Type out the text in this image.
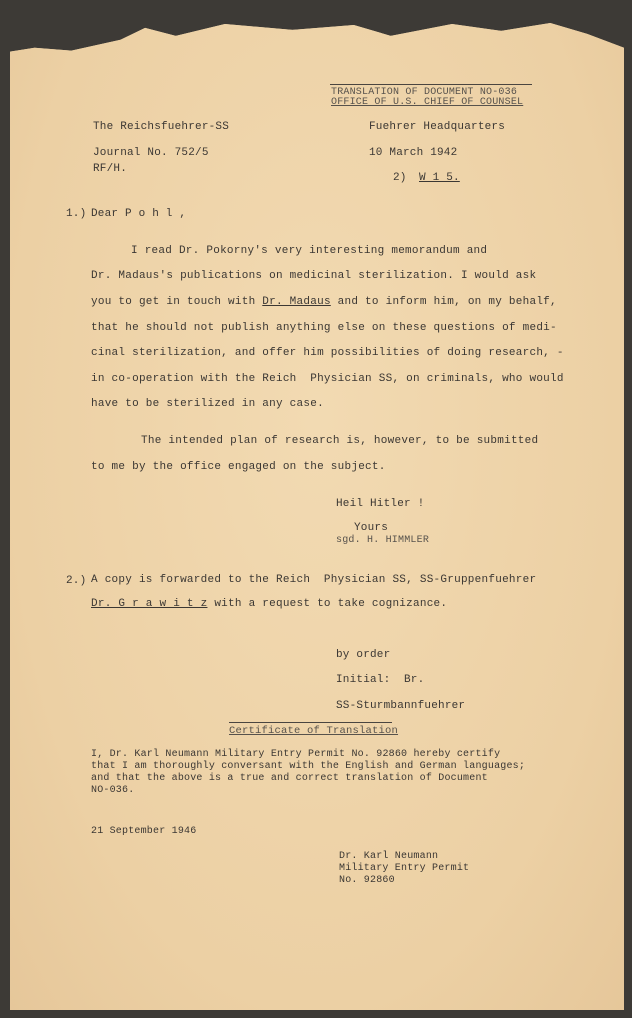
TRANSLATION OF DOCUMENT NO-036
OFFICE OF U.S. CHIEF OF COUNSEL
The Reichsfuehrer-SS
Journal No. 752/5
RF/H.
Fuehrer Headquarters
10 March 1942
2) W 1 5.
1.) Dear P o h l ,
I read Dr. Pokorny's very interesting memorandum and
Dr. Madaus's publications on medicinal sterilization. I would ask
you to get in touch with Dr. Madaus and to inform him, on my behalf,
that he should not publish anything else on these questions of medi-
cinal sterilization, and offer him possibilities of doing research, -
in co-operation with the Reich  Physician SS, on criminals, who would
have to be sterilized in any case.
The intended plan of research is, however, to be submitted
to me by the office engaged on the subject.
Heil Hitler !
Yours
sgd. H. HIMMLER
2.) A copy is forwarded to the Reich  Physician SS, SS-Gruppenfuehrer
Dr. G r a w i t z with a request to take cognizance.
by order
Initial:  Br.
SS-Sturmbannfuehrer
Certificate of Translation
I, Dr. Karl Neumann Military Entry Permit No. 92860 hereby certify
that I am thoroughly conversant with the English and German languages;
and that the above is a true and correct translation of Document
NO-036.
21 September 1946
Dr. Karl Neumann
Military Entry Permit
No. 92860
